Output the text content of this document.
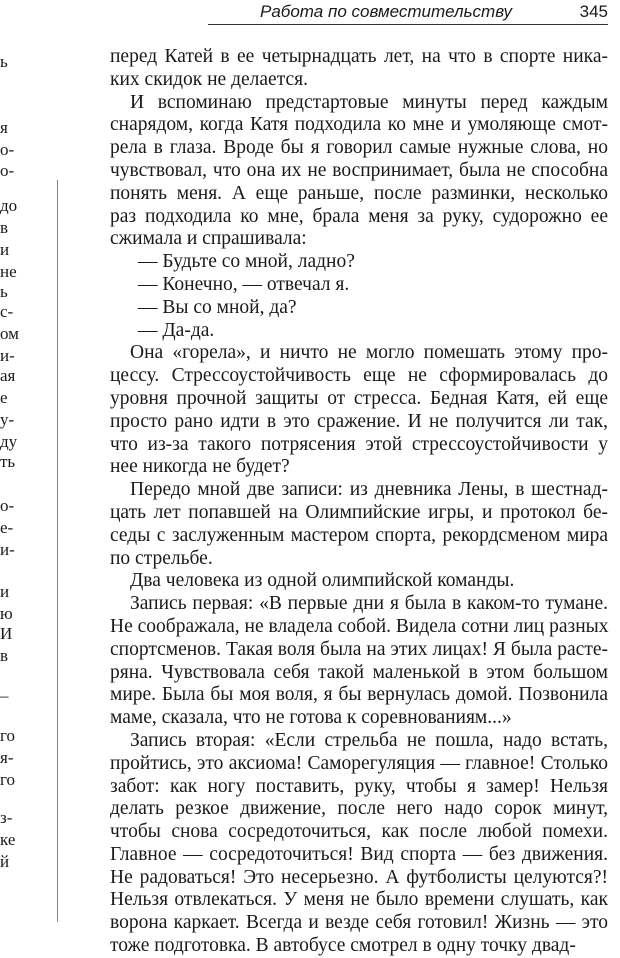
Работа по совместительству	345
ь
я
о-
о-
до
в
и
не
ь
с-
ом
и-
ая
е
у-
ду
ть
о-
е-
и-
и
ю
И
в
–
го
я-
го
з-
ке
й
перед Катей в ее четырнадцать лет, на что в спорте ника-
ких скидок не делается.
И вспоминаю предстартовые минуты перед каждым
снарядом, когда Катя подходила ко мне и умоляюще смот-
рела в глаза. Вроде бы я говорил самые нужные слова, но
чувствовал, что она их не воспринимает, была не способна
понять меня. А еще раньше, после разминки, несколько
раз подходила ко мне, брала меня за руку, судорожно ее
сжимала и спрашивала:
— Будьте со мной, ладно?
— Конечно, — отвечал я.
— Вы со мной, да?
— Да-да.
Она «горела», и ничто не могло помешать этому про-
цессу. Стрессоустойчивость еще не сформировалась до
уровня прочной защиты от стресса. Бедная Катя, ей еще
просто рано идти в это сражение. И не получится ли так,
что из-за такого потрясения этой стрессоустойчивости у
нее никогда не будет?
Передо мной две записи: из дневника Лены, в шестнад-
цать лет попавшей на Олимпийские игры, и протокол бе-
седы с заслуженным мастером спорта, рекордсменом мира
по стрельбе.
Два человека из одной олимпийской команды.
Запись первая: «В первые дни я была в каком-то тумане.
Не соображала, не владела собой. Видела сотни лиц разных
спортсменов. Такая воля была на этих лицах! Я была расте-
ряна. Чувствовала себя такой маленькой в этом большом
мире. Была бы моя воля, я бы вернулась домой. Позвонила
маме, сказала, что не готова к соревнованиям...»
Запись вторая: «Если стрельба не пошла, надо встать,
пройтись, это аксиома! Саморегуляция — главное! Столько
забот: как ногу поставить, руку, чтобы я замер! Нельзя
делать резкое движение, после него надо сорок минут,
чтобы снова сосредоточиться, как после любой помехи.
Главное — сосредоточиться! Вид спорта — без движения.
Не радоваться! Это несерьезно. А футболисты целуются?!
Нельзя отвлекаться. У меня не было времени слушать, как
ворона каркает. Всегда и везде себя готовил! Жизнь — это
тоже подготовка. В автобусе смотрел в одну точку двад-
